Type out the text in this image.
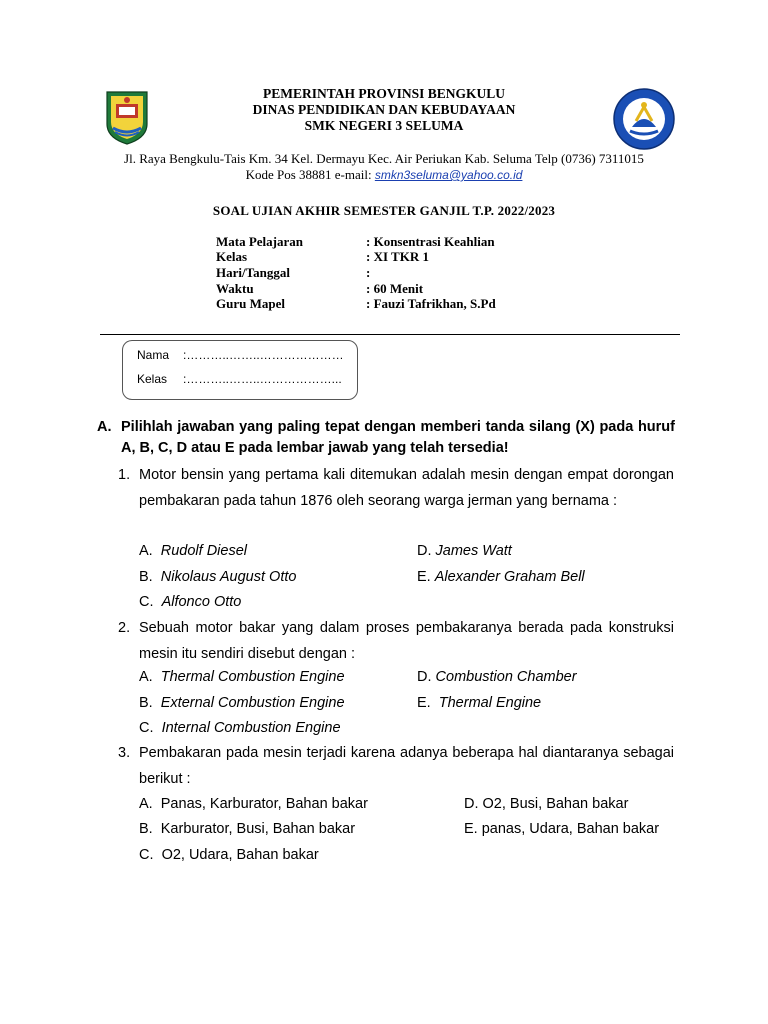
PEMERINTAH PROVINSI BENGKULU
DINAS PENDIDIKAN DAN KEBUDAYAAN
SMK NEGERI 3 SELUMA
Jl. Raya Bengkulu-Tais Km. 34 Kel. Dermayu Kec. Air Periukan Kab. Seluma Telp (0736) 7311015
Kode Pos 38881 e-mail: smkn3seluma@yahoo.co.id
SOAL UJIAN AKHIR SEMESTER GANJIL T.P. 2022/2023
Mata Pelajaran	: Konsentrasi Keahlian
Kelas	: XI TKR 1
Hari/Tanggal	:
Waktu	: 60 Menit
Guru Mapel	: Fauzi Tafrikhan, S.Pd
Nama :………..……..…………………
Kelas :………..……..………………...
A. Pilihlah jawaban yang paling tepat dengan memberi tanda silang (X) pada huruf A, B, C, D atau E pada lembar jawab yang telah tersedia!
1. Motor bensin yang pertama kali ditemukan adalah mesin dengan empat dorongan pembakaran pada tahun 1876 oleh seorang warga jerman yang bernama :
A. Rudolf Diesel
B. Nikolaus August Otto
C. Alfonco Otto
D. James Watt
E. Alexander Graham Bell
2. Sebuah motor bakar yang dalam proses pembakaranya berada pada konstruksi mesin itu sendiri disebut dengan :
A. Thermal Combustion Engine
B. External Combustion Engine
C. Internal Combustion Engine
D. Combustion Chamber
E. Thermal Engine
3. Pembakaran pada mesin terjadi karena adanya beberapa hal diantaranya sebagai berikut :
A. Panas, Karburator, Bahan bakar
B. Karburator, Busi, Bahan bakar
C. O2, Udara, Bahan bakar
D. O2, Busi, Bahan bakar
E. panas, Udara, Bahan bakar
